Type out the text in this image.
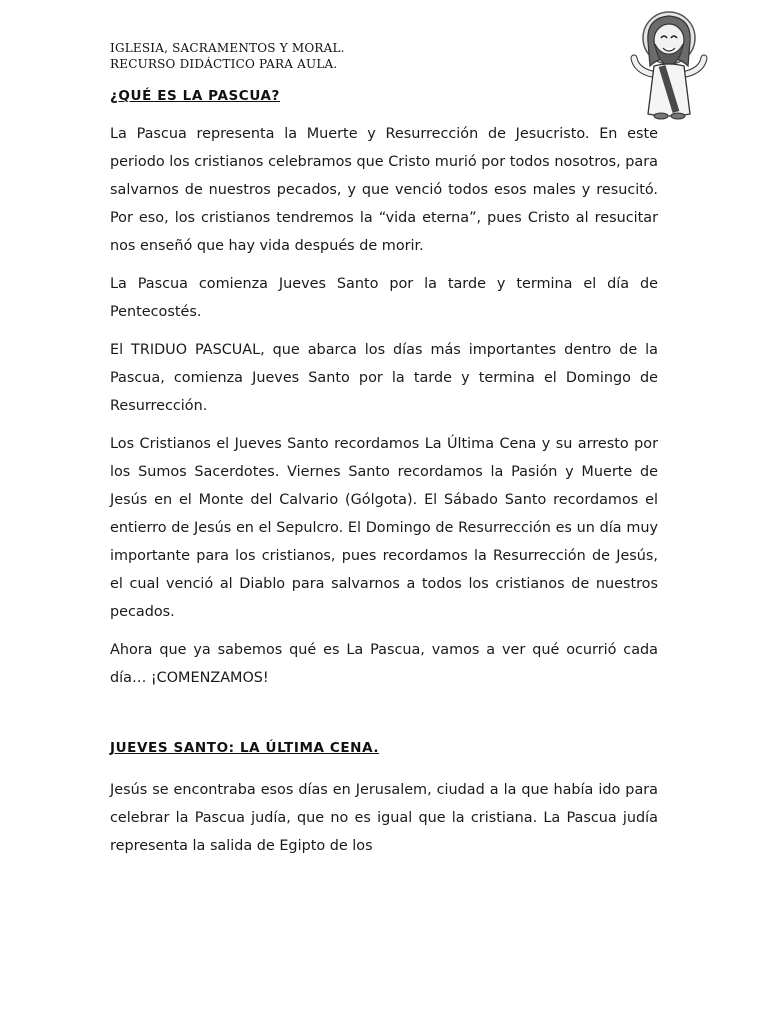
IGLESIA, SACRAMENTOS Y MORAL.
RECURSO DIDÁCTICO PARA AULA.
¿QUÉ ES LA PASCUA?

La Pascua representa la Muerte y Resurrección de Jesucristo. En este periodo los cristianos celebramos que Cristo murió por todos nosotros, para salvarnos de nuestros pecados, y que venció todos esos males y resucitó. Por eso, los cristianos tendremos la “vida eterna”, pues Cristo al resucitar nos enseñó que hay vida después de morir.

La Pascua comienza Jueves Santo por la tarde y termina el día de Pentecostés.

El TRIDUO PASCUAL, que abarca los días más importantes dentro de la Pascua, comienza Jueves Santo por la tarde y termina el Domingo de Resurrección.

Los Cristianos el Jueves Santo recordamos La Última Cena y su arresto por los Sumos Sacerdotes. Viernes Santo recordamos la Pasión y Muerte de Jesús en el Monte del Calvario (Gólgota). El Sábado Santo recordamos el entierro de Jesús en el Sepulcro. El Domingo de Resurrección es un día muy importante para los cristianos, pues recordamos la Resurrección de Jesús, el cual venció al Diablo para salvarnos a todos los cristianos de nuestros pecados.

Ahora que ya sabemos qué es La Pascua, vamos a ver qué ocurrió cada día… ¡COMENZAMOS!

JUEVES SANTO: LA ÚLTIMA CENA.

Jesús se encontraba esos días en Jerusalem, ciudad a la que había ido para celebrar la Pascua judía, que no es igual que la cristiana. La Pascua judía representa la salida de Egipto de los
